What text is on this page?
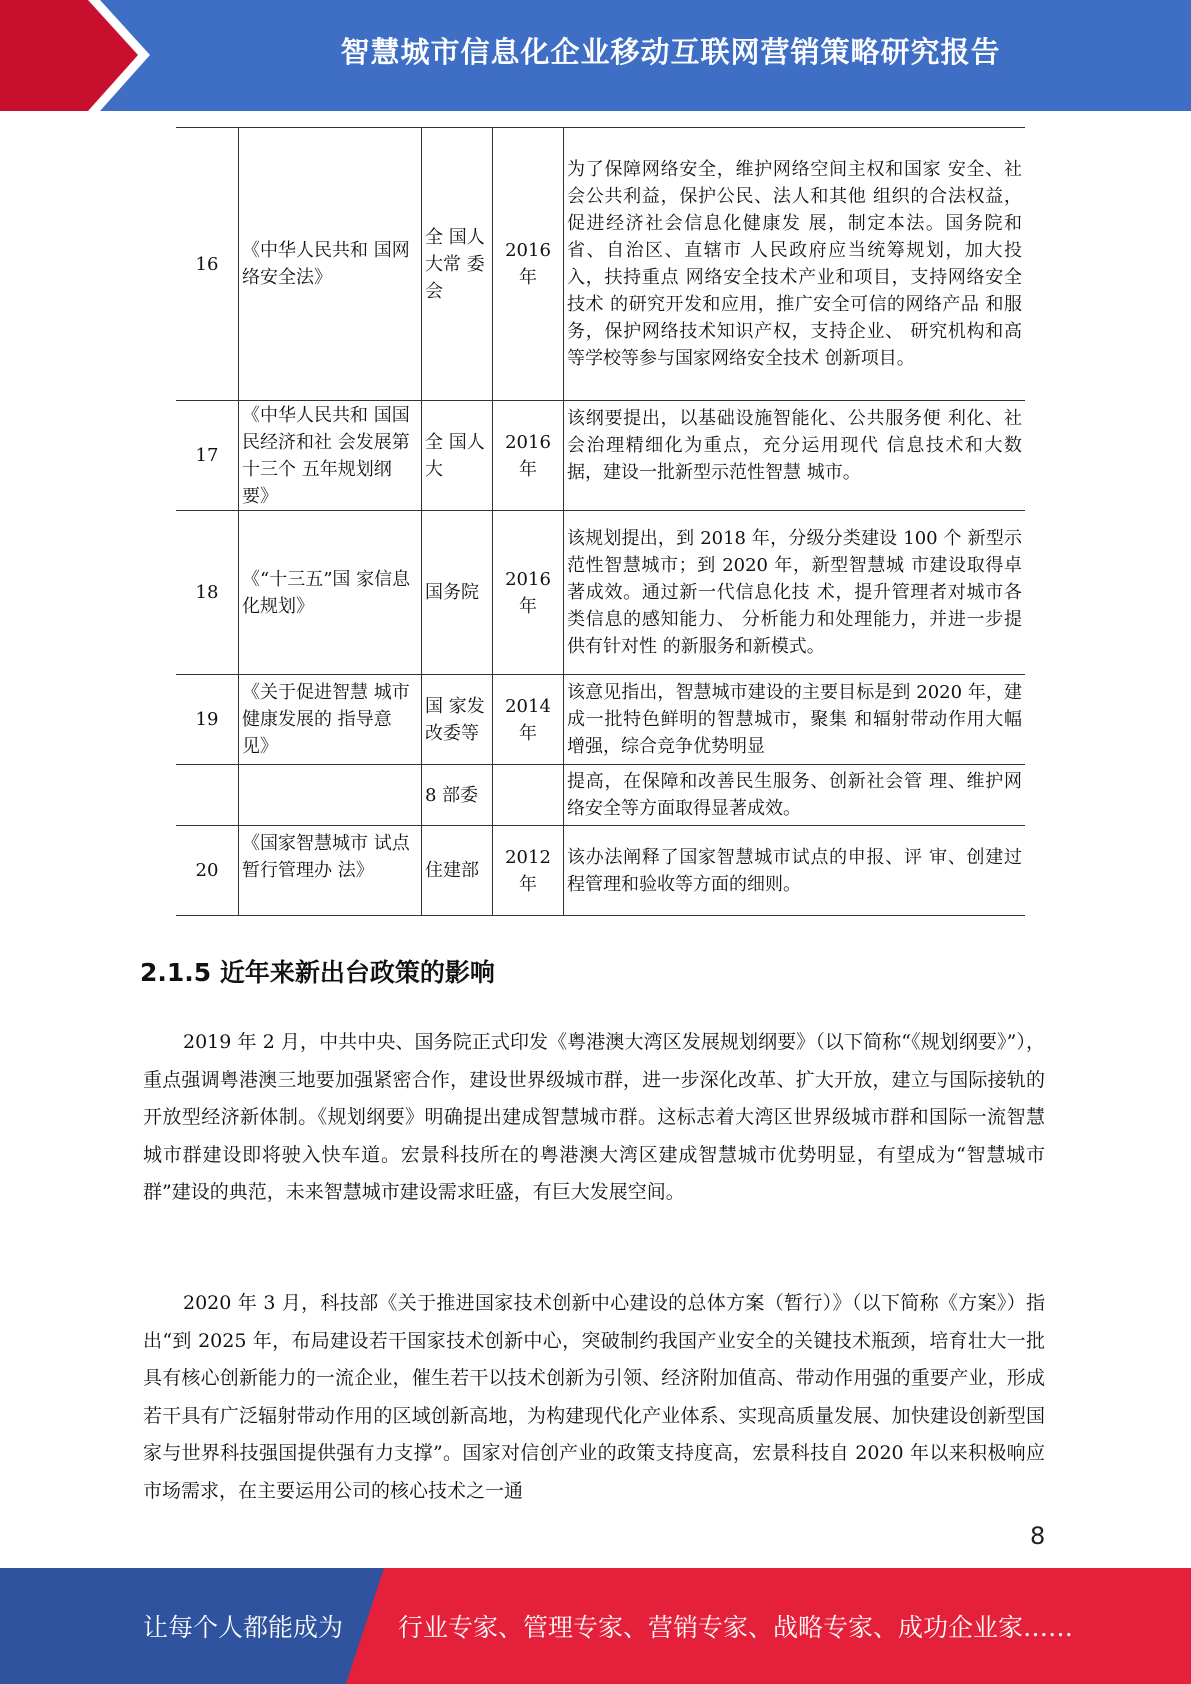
智慧城市信息化企业移动互联网营销策略研究报告
16	《中华人民共和 国网络安全法》	全 国人 大常 委会	2016 年	为了保障网络安全，维护网络空间主权和国家 安全、社会公共利益，保护公民、法人和其他 组织的合法权益，促进经济社会信息化健康发 展，制定本法。国务院和省、自治区、直辖市 人民政府应当统筹规划，加大投入，扶持重点 网络安全技术产业和项目，支持网络安全技术 的研究开发和应用，推广安全可信的网络产品 和服务，保护网络技术知识产权，支持企业、 研究机构和高等学校等参与国家网络安全技术 创新项目。
17	《中华人民共和 国国民经济和社 会发展第十三个 五年规划纲要》	全 国人大	2016 年	该纲要提出，以基础设施智能化、公共服务便 利化、社会治理精细化为重点，充分运用现代 信息技术和大数据，建设一批新型示范性智慧 城市。
18	《“十三五”国 家信息化规划》	国务院	2016 年	该规划提出，到 2018 年，分级分类建设 100 个 新型示范性智慧城市；到 2020 年，新型智慧城 市建设取得卓著成效。通过新一代信息化技 术，提升管理者对城市各类信息的感知能力、 分析能力和处理能力，并进一步提供有针对性 的新服务和新模式。
19	《关于促进智慧 城市健康发展的 指导意见》	国 家发 改委等	2014 年	该意见指出，智慧城市建设的主要目标是到 2020 年，建成一批特色鲜明的智慧城市，聚集 和辐射带动作用大幅增强，综合竞争优势明显
		8 部委		提高，在保障和改善民生服务、创新社会管 理、维护网络安全等方面取得显著成效。
20	《国家智慧城市 试点暂行管理办 法》	住建部	2012 年	该办法阐释了国家智慧城市试点的申报、评 审、创建过程管理和验收等方面的细则。
2.1.5 近年来新出台政策的影响

2019 年 2 月，中共中央、国务院正式印发《粤港澳大湾区发展规划纲要》（以下简称“《规划纲要》”），重点强调粤港澳三地要加强紧密合作，建设世界级城市群，进一步深化改革、扩大开放，建立与国际接轨的开放型经济新体制。《规划纲要》明确提出建成智慧城市群。这标志着大湾区世界级城市群和国际一流智慧城市群建设即将驶入快车道。宏景科技所在的粤港澳大湾区建成智慧城市优势明显，有望成为“智慧城市群”建设的典范，未来智慧城市建设需求旺盛，有巨大发展空间。

2020 年 3 月，科技部《关于推进国家技术创新中心建设的总体方案（暂行）》（以下简称《方案》）指出“到 2025 年，布局建设若干国家技术创新中心，突破制约我国产业安全的关键技术瓶颈，培育壮大一批具有核心创新能力的一流企业，催生若干以技术创新为引领、经济附加值高、带动作用强的重要产业，形成若干具有广泛辐射带动作用的区域创新高地，为构建现代化产业体系、实现高质量发展、加快建设创新型国家与世界科技强国提供强有力支撑”。国家对信创产业的政策支持度高，宏景科技自 2020 年以来积极响应市场需求，在主要运用公司的核心技术之一通

8
让每个人都能成为 行业专家、管理专家、营销专家、战略专家、成功企业家……
